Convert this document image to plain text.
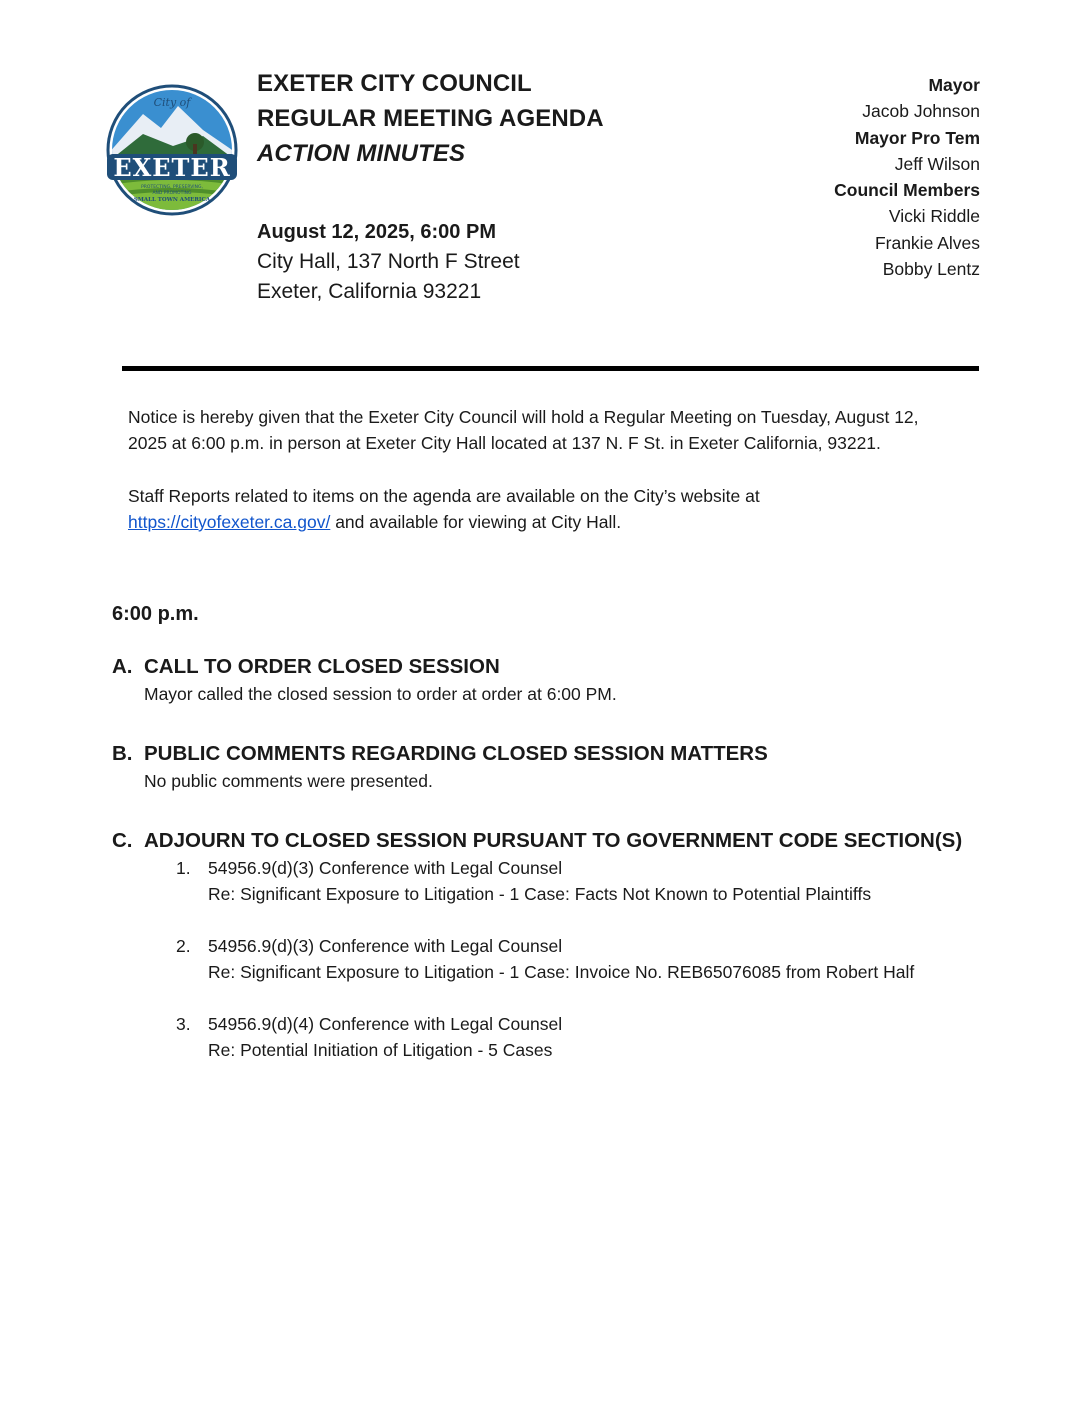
City of
EXETER
PROTECTING, PRESERVING,
AND PROMOTING
SMALL TOWN AMERICA
EXETER CITY COUNCIL
REGULAR MEETING AGENDA
ACTION MINUTES
August 12, 2025, 6:00 PM
City Hall, 137 North F Street
Exeter, California 93221
Mayor
Jacob Johnson
Mayor Pro Tem
Jeff Wilson
Council Members
Vicki Riddle
Frankie Alves
Bobby Lentz

Notice is hereby given that the Exeter City Council will hold a Regular Meeting on Tuesday, August 12, 2025 at 6:00 p.m. in person at Exeter City Hall located at 137 N. F St. in Exeter California, 93221.

Staff Reports related to items on the agenda are available on the City’s website at
https://cityofexeter.ca.gov/ and available for viewing at City Hall.

6:00 p.m.
A. CALL TO ORDER CLOSED SESSION
Mayor called the closed session to order at order at 6:00 PM.
B. PUBLIC COMMENTS REGARDING CLOSED SESSION MATTERS
No public comments were presented.
C. ADJOURN TO CLOSED SESSION PURSUANT TO GOVERNMENT CODE SECTION(S)
1. 54956.9(d)(3) Conference with Legal Counsel
Re: Significant Exposure to Litigation - 1 Case: Facts Not Known to Potential Plaintiffs
2. 54956.9(d)(3) Conference with Legal Counsel
Re: Significant Exposure to Litigation - 1 Case: Invoice No. REB65076085 from Robert Half
3. 54956.9(d)(4) Conference with Legal Counsel
Re: Potential Initiation of Litigation - 5 Cases
